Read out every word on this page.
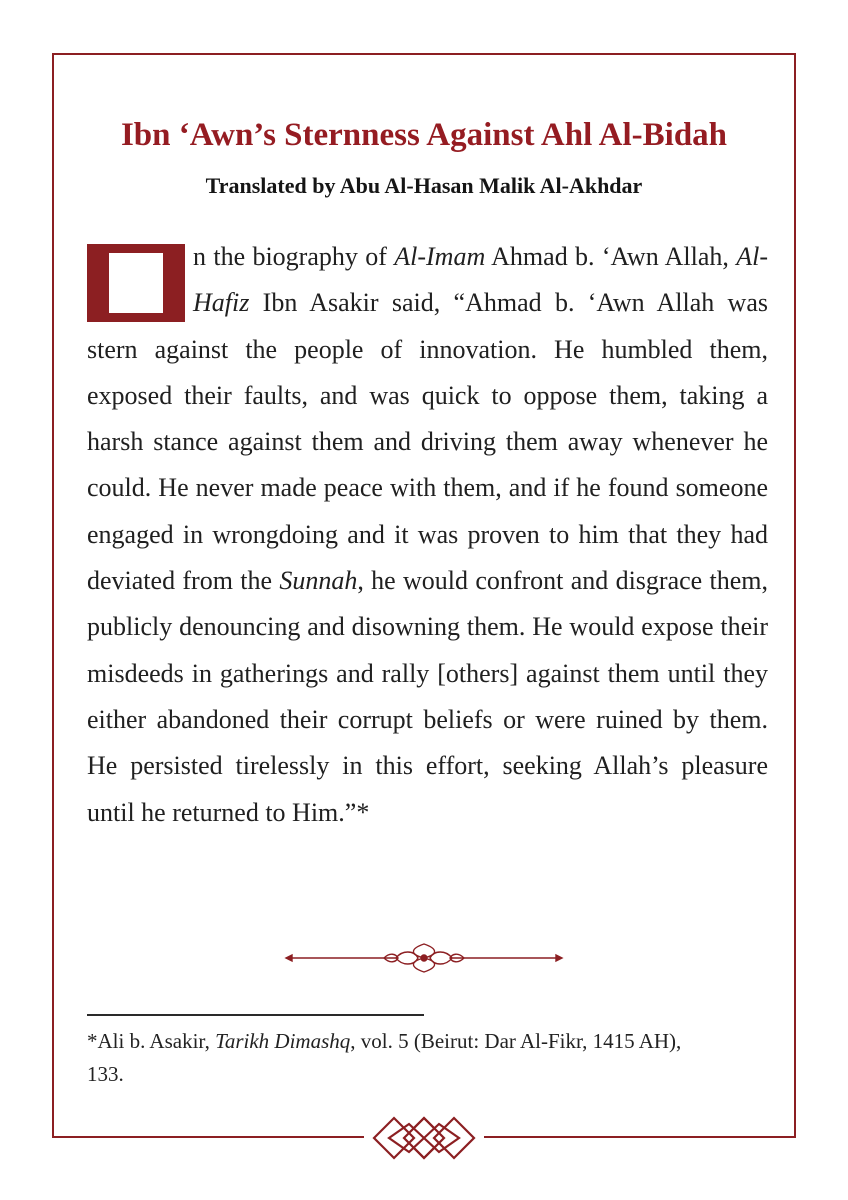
Ibn ‘Awn’s Sternness Against Ahl Al-Bidah
Translated by Abu Al-Hasan Malik Al-Akhdar

n the biography of Al-Imam Ahmad b. ‘Awn Allah, Al-Hafiz Ibn Asakir said, “Ahmad b. ‘Awn Allah was stern against the people of innovation. He humbled them, exposed their faults, and was quick to oppose them, taking a harsh stance against them and driving them away whenever he could. He never made peace with them, and if he found someone engaged in wrongdoing and it was proven to him that they had deviated from the Sunnah, he would confront and disgrace them, publicly denouncing and disowning them. He would expose their misdeeds in gatherings and rally [others] against them until they either abandoned their corrupt beliefs or were ruined by them. He persisted tirelessly in this effort, seeking Allah’s pleasure until he returned to Him.”*

*Ali b. Asakir, Tarikh Dimashq, vol. 5 (Beirut: Dar Al-Fikr, 1415 AH), 133.
